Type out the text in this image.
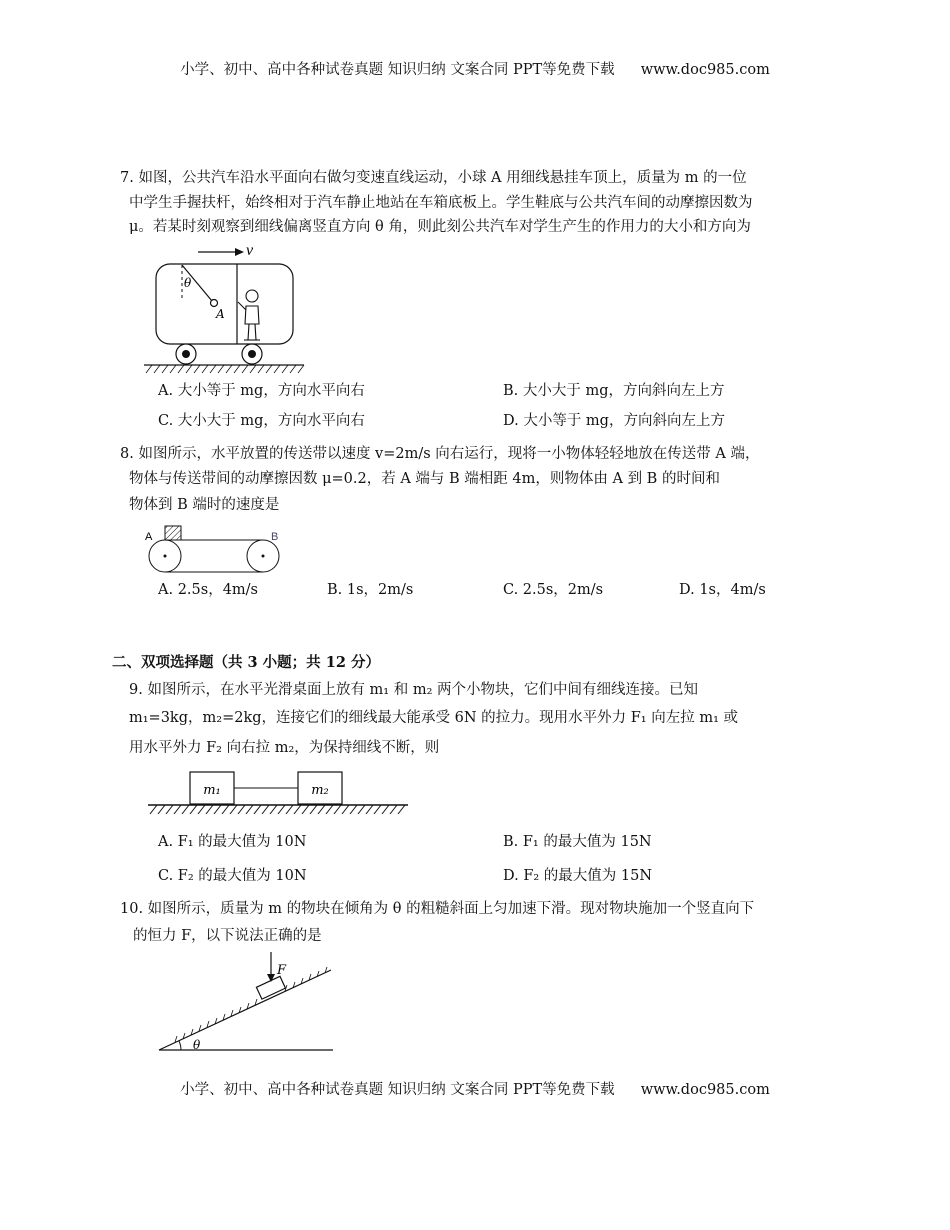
小学、初中、高中各种试卷真题 知识归纳 文案合同 PPT等免费下载 www.doc985.com
7. 如图，公共汽车沿水平面向右做匀变速直线运动，小球 A 用细线悬挂车顶上，质量为 m 的一位
中学生手握扶杆，始终相对于汽车静止地站在车箱底板上。学生鞋底与公共汽车间的动摩擦因数为
μ。若某时刻观察到细线偏离竖直方向 θ 角，则此刻公共汽车对学生产生的作用力的大小和方向为
v
θ
A
A. 大小等于 mg，方向水平向右	B. 大小大于 mg，方向斜向左上方
C. 大小大于 mg，方向水平向右	D. 大小等于 mg，方向斜向左上方
8. 如图所示，水平放置的传送带以速度 v=2m/s 向右运行，现将一小物体轻轻地放在传送带 A 端，
物体与传送带间的动摩擦因数 μ=0.2，若 A 端与 B 端相距 4m，则物体由 A 到 B 的时间和
物体到 B 端时的速度是
A	B
A. 2.5s，4m/s	B. 1s，2m/s	C. 2.5s，2m/s	D. 1s，4m/s
二、双项选择题（共 3 小题；共 12 分）
9. 如图所示，在水平光滑桌面上放有 m₁ 和 m₂ 两个小物块，它们中间有细线连接。已知
m₁=3kg，m₂=2kg，连接它们的细线最大能承受 6N 的拉力。现用水平外力 F₁ 向左拉 m₁ 或
用水平外力 F₂ 向右拉 m₂，为保持细线不断，则
m₁	m₂
A. F₁ 的最大值为 10N	B. F₁ 的最大值为 15N
C. F₂ 的最大值为 10N	D. F₂ 的最大值为 15N
10. 如图所示，质量为 m 的物块在倾角为 θ 的粗糙斜面上匀加速下滑。现对物块施加一个竖直向下
的恒力 F，以下说法正确的是
F
θ
小学、初中、高中各种试卷真题 知识归纳 文案合同 PPT等免费下载 www.doc985.com
